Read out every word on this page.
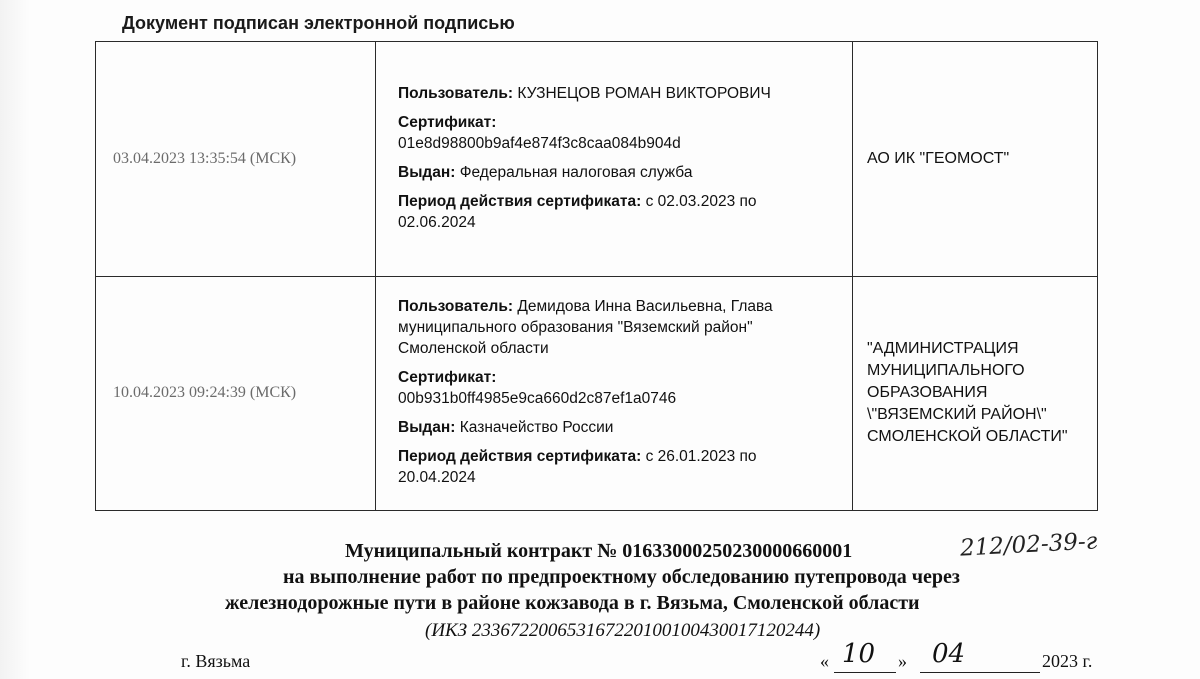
Документ подписан электронной подписью
03.04.2023 13:35:54 (МСК)	Пользователь: КУЗНЕЦОВ РОМАН ВИКТОРОВИЧ
Сертификат:
01e8d98800b9af4e874f3c8caa084b904d
Выдан: Федеральная налоговая служба
Период действия сертификата: с 02.03.2023 по 02.06.2024	АО ИК "ГЕОМОСТ"
10.04.2023 09:24:39 (МСК)	Пользователь: Демидова Инна Васильевна, Глава муниципального образования "Вяземский район" Смоленской области
Сертификат:
00b931b0ff4985e9ca660d2c87ef1a0746
Выдан: Казначейство России
Период действия сертификата: с 26.01.2023 по 20.04.2024	"АДМИНИСТРАЦИЯ МУНИЦИПАЛЬНОГО ОБРАЗОВАНИЯ \"ВЯЗЕМСКИЙ РАЙОН\" СМОЛЕНСКОЙ ОБЛАСТИ"
Муниципальный контракт № 01633000250230000660001	212/02-39-г
на выполнение работ по предпроектному обследованию путепровода через
железнодорожные пути в районе кожзавода в г. Вязьма, Смоленской области
(ИКЗ 233672200653167220100100430017120244)
г. Вязьма	« 10 » 04	2023 г.
